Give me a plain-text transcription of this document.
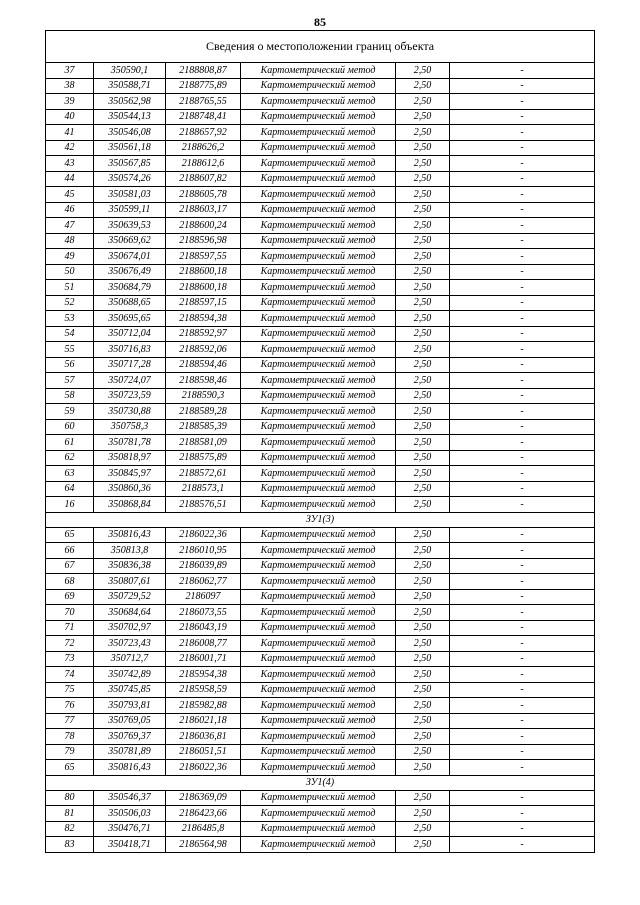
85
Сведения о местоположении границ объекта					
37	350590,1	2188808,87	Картометрический метод	2,50	-
38	350588,71	2188775,89	Картометрический метод	2,50	-
39	350562,98	2188765,55	Картометрический метод	2,50	-
40	350544,13	2188748,41	Картометрический метод	2,50	-
41	350546,08	2188657,92	Картометрический метод	2,50	-
42	350561,18	2188626,2	Картометрический метод	2,50	-
43	350567,85	2188612,6	Картометрический метод	2,50	-
44	350574,26	2188607,82	Картометрический метод	2,50	-
45	350581,03	2188605,78	Картометрический метод	2,50	-
46	350599,11	2188603,17	Картометрический метод	2,50	-
47	350639,53	2188600,24	Картометрический метод	2,50	-
48	350669,62	2188596,98	Картометрический метод	2,50	-
49	350674,01	2188597,55	Картометрический метод	2,50	-
50	350676,49	2188600,18	Картометрический метод	2,50	-
51	350684,79	2188600,18	Картометрический метод	2,50	-
52	350688,65	2188597,15	Картометрический метод	2,50	-
53	350695,65	2188594,38	Картометрический метод	2,50	-
54	350712,04	2188592,97	Картометрический метод	2,50	-
55	350716,83	2188592,06	Картометрический метод	2,50	-
56	350717,28	2188594,46	Картометрический метод	2,50	-
57	350724,07	2188598,46	Картометрический метод	2,50	-
58	350723,59	2188590,3	Картометрический метод	2,50	-
59	350730,88	2188589,28	Картометрический метод	2,50	-
60	350758,3	2188585,39	Картометрический метод	2,50	-
61	350781,78	2188581,09	Картометрический метод	2,50	-
62	350818,97	2188575,89	Картометрический метод	2,50	-
63	350845,97	2188572,61	Картометрический метод	2,50	-
64	350860,36	2188573,1	Картометрический метод	2,50	-
16	350868,84	2188576,51	Картометрический метод	2,50	-
ЗУ1(3)					
65	350816,43	2186022,36	Картометрический метод	2,50	-
66	350813,8	2186010,95	Картометрический метод	2,50	-
67	350836,38	2186039,89	Картометрический метод	2,50	-
68	350807,61	2186062,77	Картометрический метод	2,50	-
69	350729,52	2186097	Картометрический метод	2,50	-
70	350684,64	2186073,55	Картометрический метод	2,50	-
71	350702,97	2186043,19	Картометрический метод	2,50	-
72	350723,43	2186008,77	Картометрический метод	2,50	-
73	350712,7	2186001,71	Картометрический метод	2,50	-
74	350742,89	2185954,38	Картометрический метод	2,50	-
75	350745,85	2185958,59	Картометрический метод	2,50	-
76	350793,81	2185982,88	Картометрический метод	2,50	-
77	350769,05	2186021,18	Картометрический метод	2,50	-
78	350769,37	2186036,81	Картометрический метод	2,50	-
79	350781,89	2186051,51	Картометрический метод	2,50	-
65	350816,43	2186022,36	Картометрический метод	2,50	-
ЗУ1(4)					
80	350546,37	2186369,09	Картометрический метод	2,50	-
81	350506,03	2186423,66	Картометрический метод	2,50	-
82	350476,71	2186485,8	Картометрический метод	2,50	-
83	350418,71	2186564,98	Картометрический метод	2,50	-
